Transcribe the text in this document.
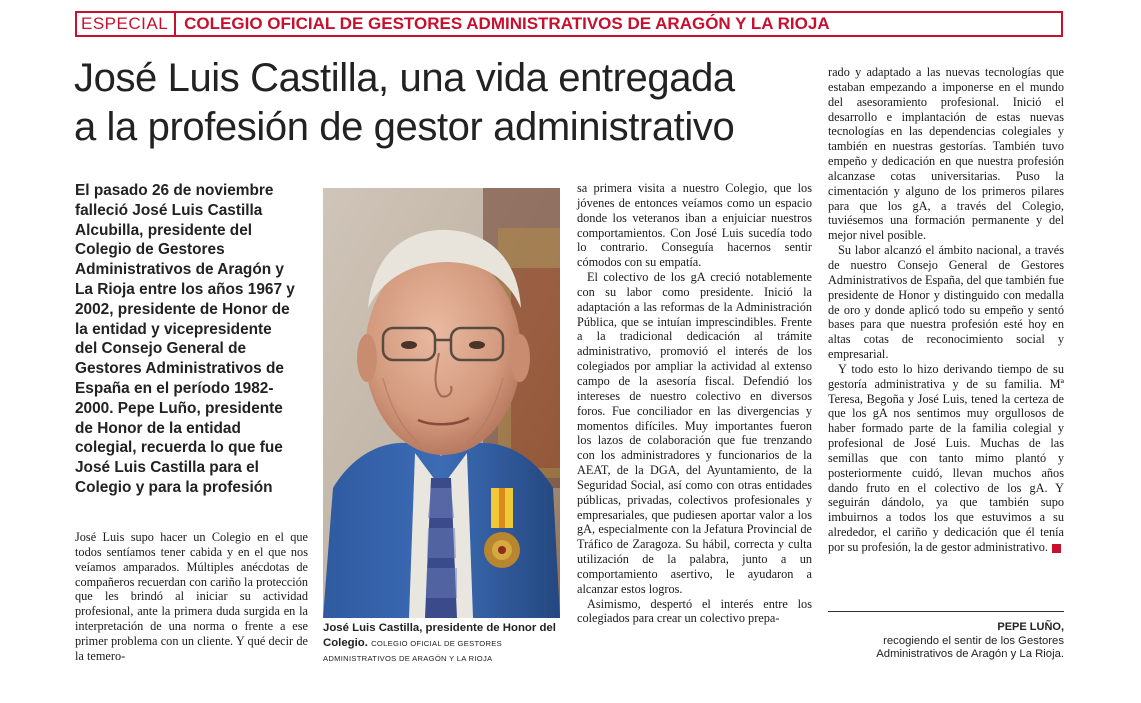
ESPECIAL COLEGIO OFICIAL DE GESTORES ADMINISTRATIVOS DE ARAGÓN Y LA RIOJA
José Luis Castilla, una vida entregada
a la profesión de gestor administrativo

El pasado 26 de noviembre
falleció José Luis Castilla
Alcubilla, presidente del
Colegio de Gestores
Administrativos de Aragón y
La Rioja entre los años 1967 y
2002, presidente de Honor de
la entidad y vicepresidente
del Consejo General de
Gestores Administrativos de
España en el período 1982-
2000. Pepe Luño, presidente
de Honor de la entidad
colegial, recuerda lo que fue
José Luis Castilla para el
Colegio y para la profesión

José Luis supo hacer un Colegio en el que todos sentíamos tener cabida y en el que nos veíamos amparados. Múltiples anécdotas de compañeros recuerdan con cariño la protección que les brindó al iniciar su actividad profesional, ante la primera duda surgida en la interpretación de una norma o frente a ese primer problema con un cliente. Y qué decir de la temero-

José Luis Castilla, presidente de Honor del Colegio. COLEGIO OFICIAL DE GESTORES ADMINISTRATIVOS DE ARAGÓN Y LA RIOJA

sa primera visita a nuestro Colegio, que los jóvenes de entonces veíamos como un espacio donde los veteranos iban a enjuiciar nuestros comportamientos. Con José Luis sucedía todo lo contrario. Conseguía hacernos sentir cómodos con su empatía.

El colectivo de los gA creció notablemente con su labor como presidente. Inició la adaptación a las reformas de la Administración Pública, que se intuían imprescindibles. Frente a la tradicional dedicación al trámite administrativo, promovió el interés de los colegiados por ampliar la actividad al extenso campo de la asesoría fiscal. Defendió los intereses de nuestro colectivo en diversos foros. Fue conciliador en las divergencias y momentos difíciles. Muy importantes fueron los lazos de colaboración que fue trenzando con los administradores y funcionarios de la AEAT, de la DGA, del Ayuntamiento, de la Seguridad Social, así como con otras entidades públicas, privadas, colectivos profesionales y empresariales, que pudiesen aportar valor a los gA, especialmente con la Jefatura Provincial de Tráfico de Zaragoza. Su hábil, correcta y culta utilización de la palabra, junto a un comportamiento asertivo, le ayudaron a alcanzar estos logros.

Asimismo, despertó el interés entre los colegiados para crear un colectivo prepa-

rado y adaptado a las nuevas tecnologías que estaban empezando a imponerse en el mundo del asesoramiento profesional. Inició el desarrollo e implantación de estas nuevas tecnologías en las dependencias colegiales y también en nuestras gestorías. También tuvo empeño y dedicación en que nuestra profesión alcanzase cotas universitarias. Puso la cimentación y alguno de los primeros pilares para que los gA, a través del Colegio, tuviésemos una formación permanente y del mejor nivel posible.

Su labor alcanzó el ámbito nacional, a través de nuestro Consejo General de Gestores Administrativos de España, del que también fue presidente de Honor y distinguido con medalla de oro y donde aplicó todo su empeño y sentó bases para que nuestra profesión esté hoy en altas cotas de reconocimiento social y empresarial.

Y todo esto lo hizo derivando tiempo de su gestoría administrativa y de su familia. Mª Teresa, Begoña y José Luis, tened la certeza de que los gA nos sentimos muy orgullosos de haber formado parte de la familia colegial y profesional de José Luis. Muchas de las semillas que con tanto mimo plantó y posteriormente cuidó, llevan muchos años dando fruto en el colectivo de los gA. Y seguirán dándolo, ya que también supo imbuirnos a todos los que estuvimos a su alrededor, el cariño y dedicación que él tenía por su profesión, la de gestor administrativo.

PEPE LUÑO,
recogiendo el sentir de los Gestores
Administrativos de Aragón y La Rioja.
